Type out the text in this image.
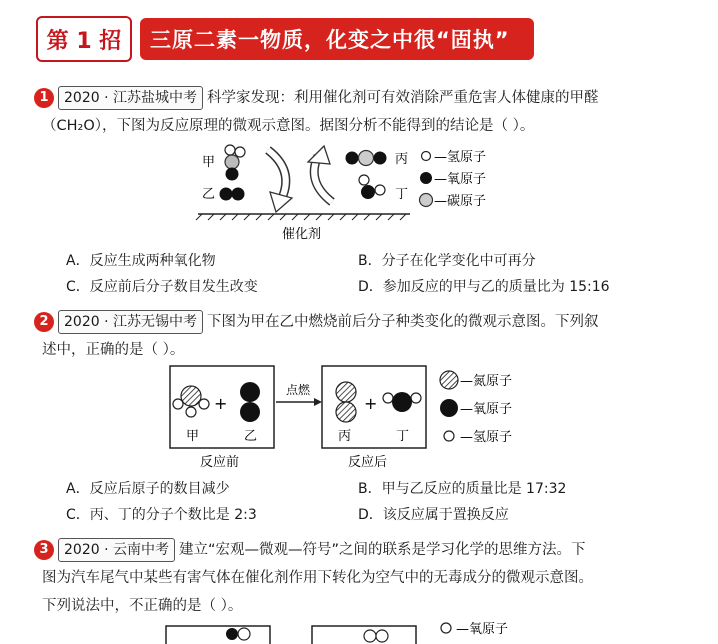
第 1 招	三原二素一物质，化变之中很“固执”
1 2020 · 江苏盐城中考 科学家发现：利用催化剂可有效消除严重危害人体健康的甲醛
（CH₂O），下图为反应原理的微观示意图。据图分析不能得到的结论是（ ）。
甲
乙
丙
丁
—氢原子
—氧原子
—碳原子
催化剂
A．反应生成两种氧化物	B．分子在化学变化中可再分
C．反应前后分子数目发生改变	D．参加反应的甲与乙的质量比为 15:16
2 2020 · 江苏无锡中考 下图为甲在乙中燃烧前后分子种类变化的微观示意图。下列叙
述中，正确的是（ ）。
+
甲	乙
反应前
点燃
+
丙	丁
反应后
—氮原子
—氧原子
—氢原子
A．反应后原子的数目减少	B．甲与乙反应的质量比是 17:32
C．丙、丁的分子个数比是 2:3	D．该反应属于置换反应
3 2020 · 云南中考 建立“宏观—微观—符号”之间的联系是学习化学的思维方法。下
图为汽车尾气中某些有害气体在催化剂作用下转化为空气中的无毒成分的微观示意图。
下列说法中，不正确的是（ ）。
—氧原子
